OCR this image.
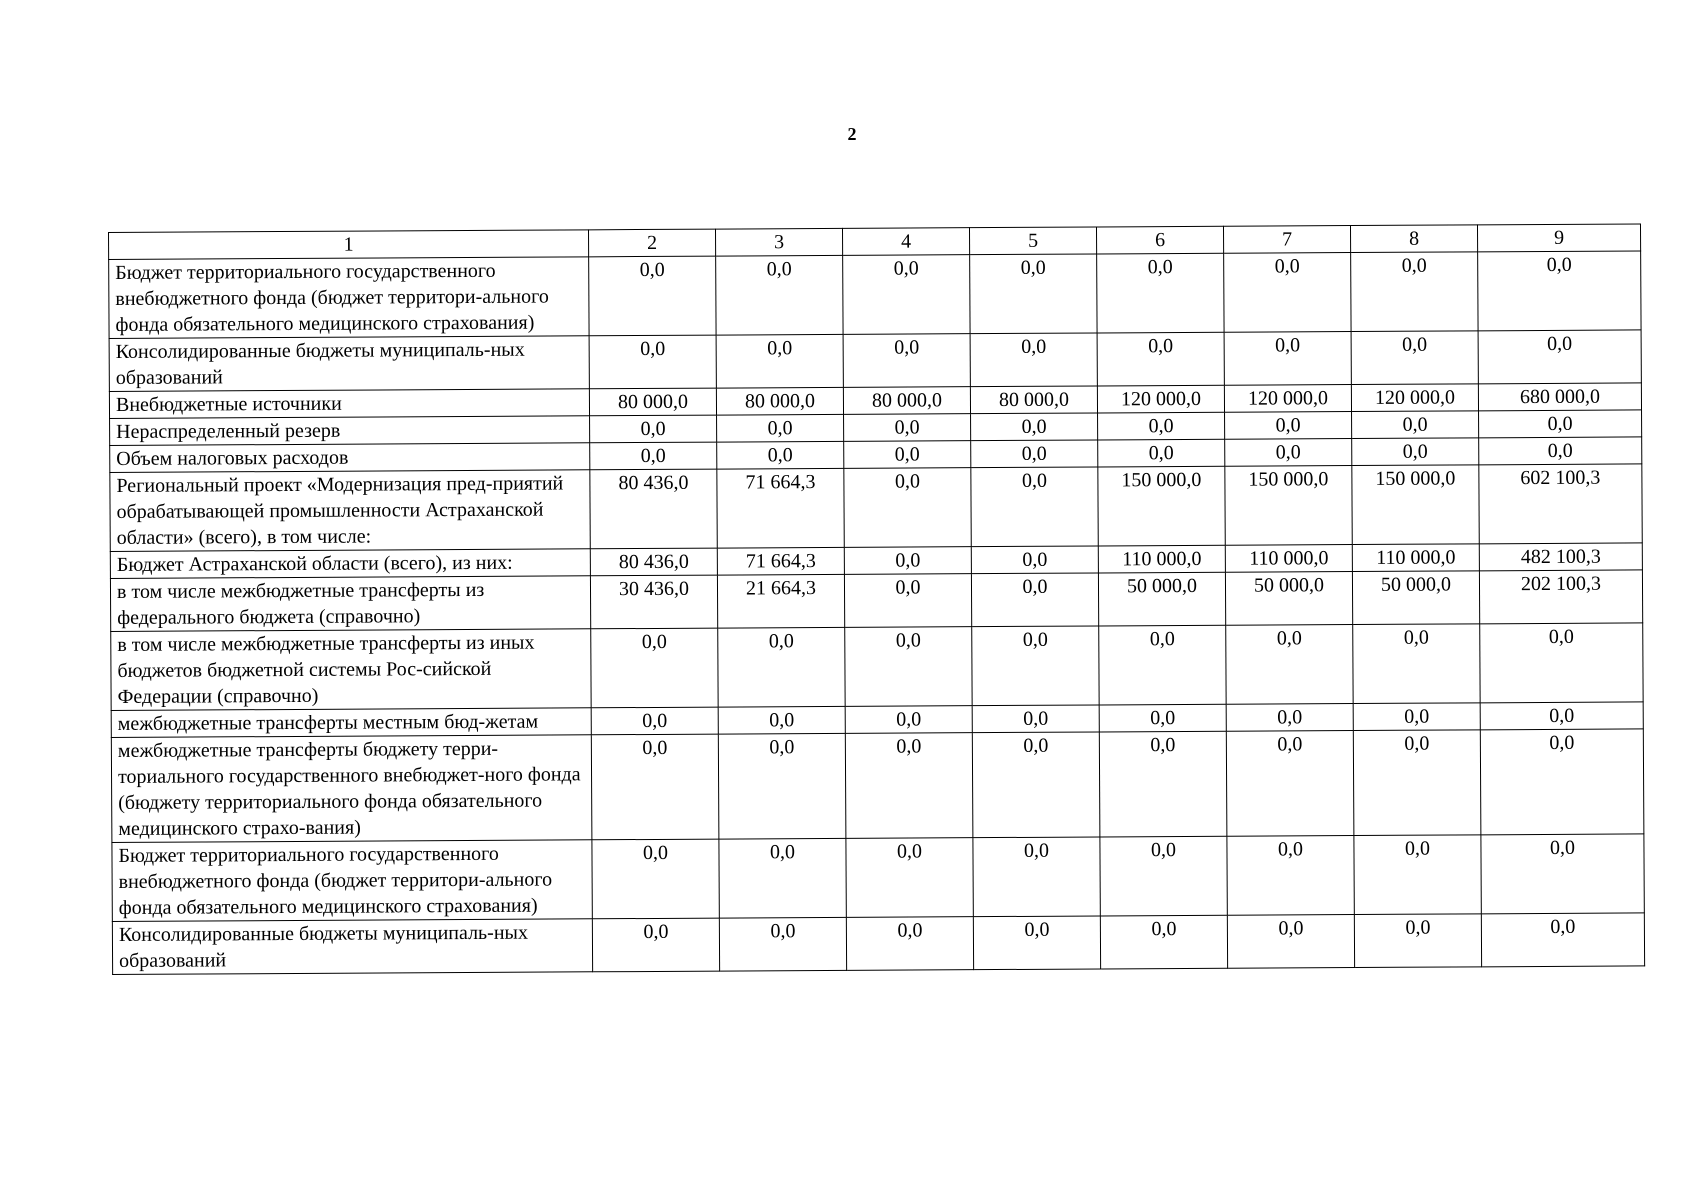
2
1	2	3	4	5	6	7	8	9
Бюджет территориального государственного внебюджетного фонда (бюджет территори-ального фонда обязательного медицинского страхования)	0,0	0,0	0,0	0,0	0,0	0,0	0,0	0,0
Консолидированные бюджеты муниципаль-ных образований	0,0	0,0	0,0	0,0	0,0	0,0	0,0	0,0
Внебюджетные источники	80 000,0	80 000,0	80 000,0	80 000,0	120 000,0	120 000,0	120 000,0	680 000,0
Нераспределенный резерв	0,0	0,0	0,0	0,0	0,0	0,0	0,0	0,0
Объем налоговых расходов	0,0	0,0	0,0	0,0	0,0	0,0	0,0	0,0
Региональный проект «Модернизация пред-приятий обрабатывающей промышленности Астраханской области» (всего), в том числе:	80 436,0	71 664,3	0,0	0,0	150 000,0	150 000,0	150 000,0	602 100,3
Бюджет Астраханской области (всего), из них:	80 436,0	71 664,3	0,0	0,0	110 000,0	110 000,0	110 000,0	482 100,3
в том числе межбюджетные трансферты из федерального бюджета (справочно)	30 436,0	21 664,3	0,0	0,0	50 000,0	50 000,0	50 000,0	202 100,3
в том числе межбюджетные трансферты из иных бюджетов бюджетной системы Рос-сийской Федерации (справочно)	0,0	0,0	0,0	0,0	0,0	0,0	0,0	0,0
межбюджетные трансферты местным бюд-жетам	0,0	0,0	0,0	0,0	0,0	0,0	0,0	0,0
межбюджетные трансферты бюджету терри-ториального государственного внебюджет-ного фонда (бюджету территориального фонда обязательного медицинского страхо-вания)	0,0	0,0	0,0	0,0	0,0	0,0	0,0	0,0
Бюджет территориального государственного внебюджетного фонда (бюджет территори-ального фонда обязательного медицинского страхования)	0,0	0,0	0,0	0,0	0,0	0,0	0,0	0,0
Консолидированные бюджеты муниципаль-ных образований	0,0	0,0	0,0	0,0	0,0	0,0	0,0	0,0
